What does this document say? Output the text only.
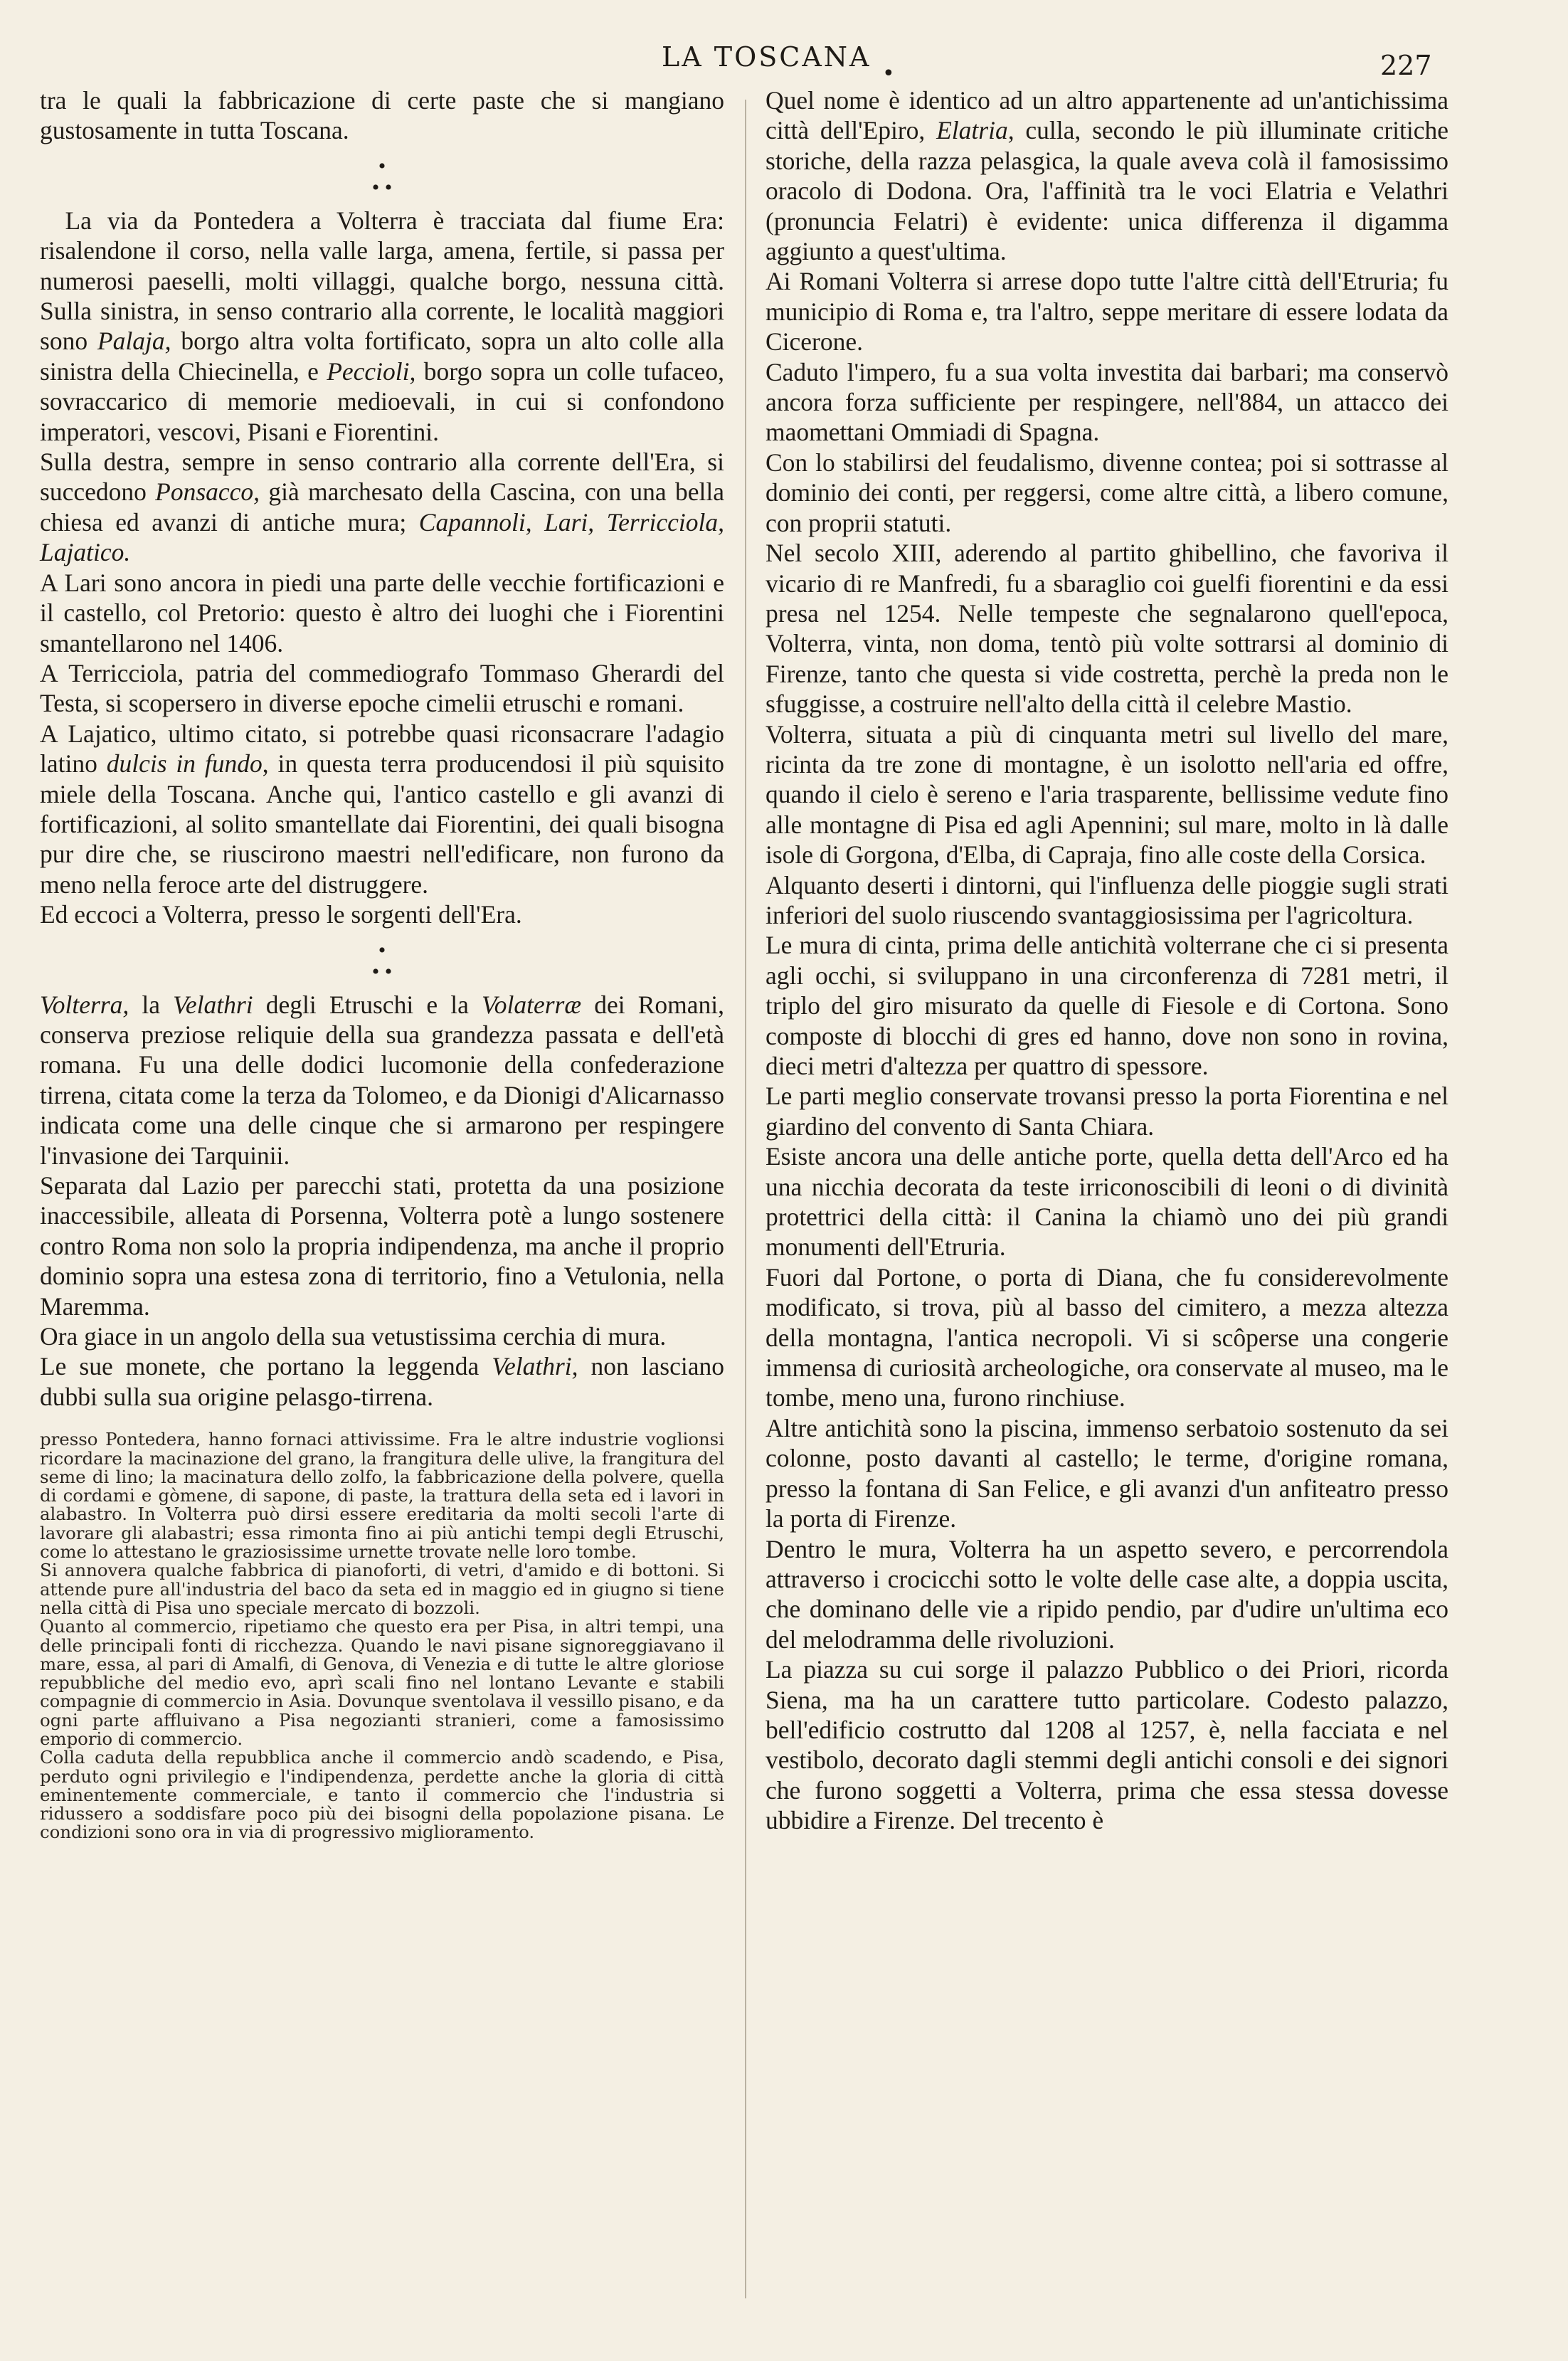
LA TOSCANA
•	227

tra le quali la fabbricazione di certe paste che si mangiano gustosamente in tutta Toscana.

•
• •

 La via da Pontedera a Volterra è tracciata dal fiume Era: risalendone il corso, nella valle larga, amena, fertile, si passa per numerosi paeselli, molti villaggi, qualche borgo, nessuna città. Sulla sinistra, in senso contrario alla corrente, le località maggiori sono Palaja, borgo altra volta fortificato, sopra un alto colle alla sinistra della Chiecinella, e Peccioli, borgo sopra un colle tufaceo, sovraccarico di memorie medioevali, in cui si confondono imperatori, vescovi, Pisani e Fiorentini.

Sulla destra, sempre in senso contrario alla corrente dell'Era, si succedono Ponsacco, già marchesato della Cascina, con una bella chiesa ed avanzi di antiche mura; Capannoli, Lari, Terricciola, Lajatico.

A Lari sono ancora in piedi una parte delle vecchie fortificazioni e il castello, col Pretorio: questo è altro dei luoghi che i Fiorentini smantellarono nel 1406.

A Terricciola, patria del commediografo Tommaso Gherardi del Testa, si scopersero in diverse epoche cimelii etruschi e romani.

A Lajatico, ultimo citato, si potrebbe quasi riconsacrare l'adagio latino dulcis in fundo, in questa terra producendosi il più squisito miele della Toscana. Anche qui, l'antico castello e gli avanzi di fortificazioni, al solito smantellate dai Fiorentini, dei quali bisogna pur dire che, se riuscirono maestri nell'edificare, non furono da meno nella feroce arte del distruggere.

Ed eccoci a Volterra, presso le sorgenti dell'Era.

•
• •

Volterra, la Velathri degli Etruschi e la Volaterræ dei Romani, conserva preziose reliquie della sua grandezza passata e dell'età romana. Fu una delle dodici lucomonie della confederazione tirrena, citata come la terza da Tolomeo, e da Dionigi d'Alicarnasso indicata come una delle cinque che si armarono per respingere l'invasione dei Tarquinii.

Separata dal Lazio per parecchi stati, protetta da una posizione inaccessibile, alleata di Porsenna, Volterra potè a lungo sostenere contro Roma non solo la propria indipendenza, ma anche il proprio dominio sopra una estesa zona di territorio, fino a Vetulonia, nella Maremma.

Ora giace in un angolo della sua vetustissima cerchia di mura.

Le sue monete, che portano la leggenda Velathri, non lasciano dubbi sulla sua origine pelasgo-tirrena.

presso Pontedera, hanno fornaci attivissime. Fra le altre industrie voglionsi ricordare la macinazione del grano, la frangitura delle ulive, la frangitura del seme di lino; la macinatura dello zolfo, la fabbricazione della polvere, quella di cordami e gòmene, di sapone, di paste, la trattura della seta ed i lavori in alabastro. In Volterra può dirsi essere ereditaria da molti secoli l'arte di lavorare gli alabastri; essa rimonta fino ai più antichi tempi degli Etruschi, come lo attestano le graziosissime urnette trovate nelle loro tombe.

Si annovera qualche fabbrica di pianoforti, di vetri, d'amido e di bottoni. Si attende pure all'industria del baco da seta ed in maggio ed in giugno si tiene nella città di Pisa uno speciale mercato di bozzoli.

Quanto al commercio, ripetiamo che questo era per Pisa, in altri tempi, una delle principali fonti di ricchezza. Quando le navi pisane signoreggiavano il mare, essa, al pari di Amalfi, di Genova, di Venezia e di tutte le altre gloriose repubbliche del medio evo, aprì scali fino nel lontano Levante e stabili compagnie di commercio in Asia. Dovunque sventolava il vessillo pisano, e da ogni parte affluivano a Pisa negozianti stranieri, come a famosissimo emporio di commercio.

Colla caduta della repubblica anche il commercio andò scadendo, e Pisa, perduto ogni privilegio e l'indipendenza, perdette anche la gloria di città eminentemente commerciale, e tanto il commercio che l'industria si ridussero a soddisfare poco più dei bisogni della popolazione pisana. Le condizioni sono ora in via di progressivo miglioramento.

Quel nome è identico ad un altro appartenente ad un'antichissima città dell'Epiro, Elatria, culla, secondo le più illuminate critiche storiche, della razza pelasgica, la quale aveva colà il famosissimo oracolo di Dodona. Ora, l'affinità tra le voci Elatria e Velathri (pronuncia Felatri) è evidente: unica differenza il digamma aggiunto a quest'ultima.

Ai Romani Volterra si arrese dopo tutte l'altre città dell'Etruria; fu municipio di Roma e, tra l'altro, seppe meritare di essere lodata da Cicerone.

Caduto l'impero, fu a sua volta investita dai barbari; ma conservò ancora forza sufficiente per respingere, nell'884, un attacco dei maomettani Ommiadi di Spagna.

Con lo stabilirsi del feudalismo, divenne contea; poi si sottrasse al dominio dei conti, per reggersi, come altre città, a libero comune, con proprii statuti.

Nel secolo XIII, aderendo al partito ghibellino, che favoriva il vicario di re Manfredi, fu a sbaraglio coi guelfi fiorentini e da essi presa nel 1254. Nelle tempeste che segnalarono quell'epoca, Volterra, vinta, non doma, tentò più volte sottrarsi al dominio di Firenze, tanto che questa si vide costretta, perchè la preda non le sfuggisse, a costruire nell'alto della città il celebre Mastio.

Volterra, situata a più di cinquanta metri sul livello del mare, ricinta da tre zone di montagne, è un isolotto nell'aria ed offre, quando il cielo è sereno e l'aria trasparente, bellissime vedute fino alle montagne di Pisa ed agli Apennini; sul mare, molto in là dalle isole di Gorgona, d'Elba, di Capraja, fino alle coste della Corsica.

Alquanto deserti i dintorni, qui l'influenza delle pioggie sugli strati inferiori del suolo riuscendo svantaggiosissima per l'agricoltura.

Le mura di cinta, prima delle antichità volterrane che ci si presenta agli occhi, si sviluppano in una circonferenza di 7281 metri, il triplo del giro misurato da quelle di Fiesole e di Cortona. Sono composte di blocchi di gres ed hanno, dove non sono in rovina, dieci metri d'altezza per quattro di spessore.

Le parti meglio conservate trovansi presso la porta Fiorentina e nel giardino del convento di Santa Chiara.

Esiste ancora una delle antiche porte, quella detta dell'Arco ed ha una nicchia decorata da teste irriconoscibili di leoni o di divinità protettrici della città: il Canina la chiamò uno dei più grandi monumenti dell'Etruria.

Fuori dal Portone, o porta di Diana, che fu considerevolmente modificato, si trova, più al basso del cimitero, a mezza altezza della montagna, l'antica necropoli. Vi si scôperse una congerie immensa di curiosità archeologiche, ora conservate al museo, ma le tombe, meno una, furono rinchiuse.

Altre antichità sono la piscina, immenso serbatoio sostenuto da sei colonne, posto davanti al castello; le terme, d'origine romana, presso la fontana di San Felice, e gli avanzi d'un anfiteatro presso la porta di Firenze.

Dentro le mura, Volterra ha un aspetto severo, e percorrendola attraverso i crocicchi sotto le volte delle case alte, a doppia uscita, che dominano delle vie a ripido pendio, par d'udire un'ultima eco del melodramma delle rivoluzioni.

La piazza su cui sorge il palazzo Pubblico o dei Priori, ricorda Siena, ma ha un carattere tutto particolare. Codesto palazzo, bell'edificio costrutto dal 1208 al 1257, è, nella facciata e nel vestibolo, decorato dagli stemmi degli antichi consoli e dei signori che furono soggetti a Volterra, prima che essa stessa dovesse ubbidire a Firenze. Del trecento è
